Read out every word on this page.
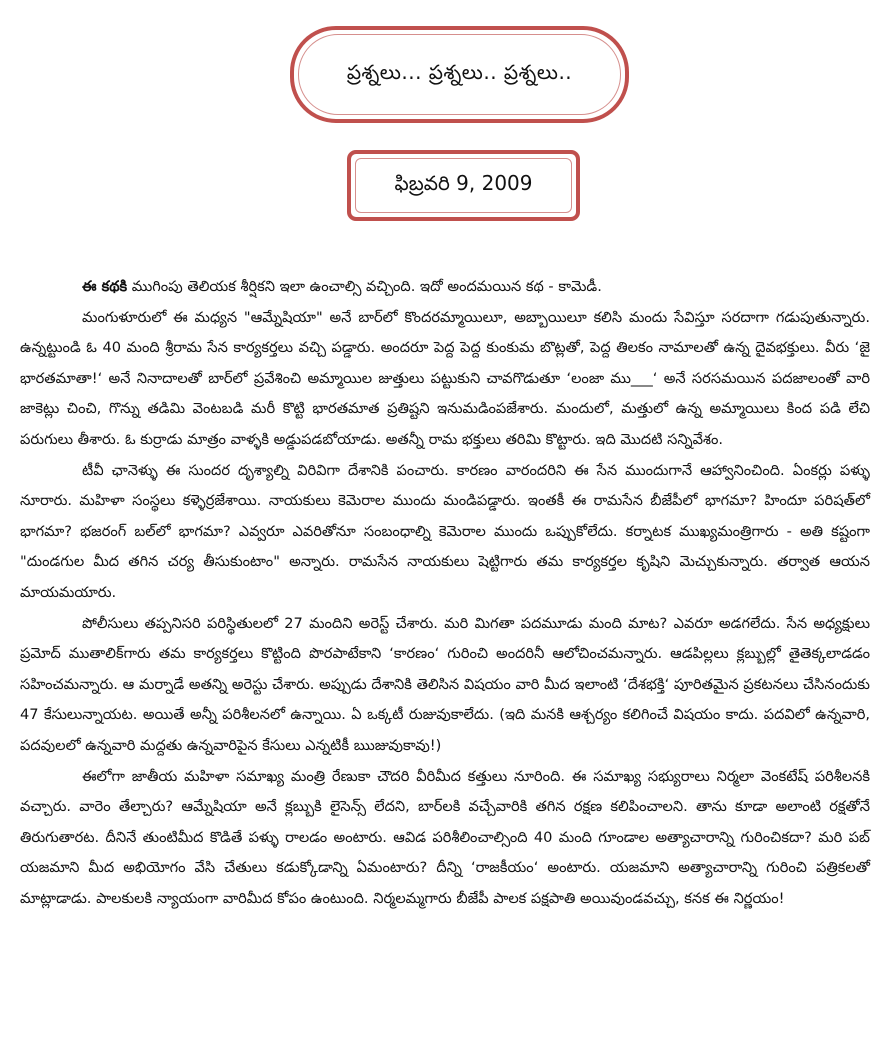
ప్రశ్నలు... ప్రశ్నలు.. ప్రశ్నలు..
ఫిబ్రవరి 9, 2009

ఈ కథకి ముగింపు తెలియక శీర్షికని ఇలా ఉంచాల్సి వచ్చింది. ఇదో అందమయిన కథ - కామెడీ.

మంగుళూరులో ఈ మధ్యన "ఆమ్నేషియా" అనే బార్‌లో కొందరమ్మాయిలూ, అబ్బాయిలూ కలిసి మందు సేవిస్తూ సరదాగా గడుపుతున్నారు. ఉన్నట్టుండి ఓ 40 మంది శ్రీరామ సేన కార్యకర్తలు వచ్చి పడ్డారు. అందరూ పెద్ద పెద్ద కుంకుమ బొట్లతో, పెద్ద తిలకం నామాలతో ఉన్న దైవభక్తులు. వీరు ‘జై భారతమాతా!‘ అనే నినాదాలతో బార్‌లో ప్రవేశించి అమ్మాయిల జుత్తులు పట్టుకుని చావగొడుతూ ‘లంజా ము___‘ అనే సరసమయిన పదజాలంతో వారి జాకెట్లు చించి, గొన్ను తడిమి వెంటబడి మరీ కొట్టి భారతమాత ప్రతిష్టని ఇనుమడింపజేశారు. మందులో, మత్తులో ఉన్న అమ్మాయిలు కింద పడి లేచి పరుగులు తీశారు. ఓ కుర్రాడు మాత్రం వాళ్ళకి అడ్డుపడబోయాడు. అతన్నీ రామ భక్తులు తరిమి కొట్టారు. ఇది మొదటి సన్నివేశం.

టీవీ ఛానెళ్ళు ఈ సుందర దృశ్యాల్ని విరివిగా దేశానికి పంచారు. కారణం వారందరిని ఈ సేన ముందుగానే ఆహ్వానించింది. ఏంకర్లు పళ్ళు నూరారు. మహిళా సంస్థలు కళ్ళెర్రజేశాయి. నాయకులు కెమెరాల ముందు మండిపడ్డారు. ఇంతకీ ఈ రామసేన బీజేపీలో భాగమా? హిందూ పరిషత్‌లో భాగమా? భజరంగ్ బల్‌లో భాగమా? ఎవ్వరూ ఎవరితోనూ సంబంధాల్ని కెమెరాల ముందు ఒప్పుకోలేదు. కర్నాటక ముఖ్యమంత్రిగారు - అతి కష్టంగా "దుండగుల మీద తగిన చర్య తీసుకుంటాం" అన్నారు. రామసేన నాయకులు షెట్టిగారు తమ కార్యకర్తల కృషిని మెచ్చుకున్నారు. తర్వాత ఆయన మాయమయారు.

పోలీసులు తప్పనిసరి పరిస్థితులలో 27 మందిని అరెస్ట్ చేశారు. మరి మిగతా పదమూడు మంది మాట? ఎవరూ అడగలేదు. సేన అధ్యక్షులు ప్రమోద్ ముతాలిక్‌గారు తమ కార్యకర్తలు కొట్టింది పొరపాటేకాని ‘కారణం‘ గురించి అందరినీ ఆలోచించమన్నారు. ఆడపిల్లలు క్లబ్బుల్లో తైతెక్కలాడడం సహించమన్నారు. ఆ మర్నాడే అతన్ని అరెస్టు చేశారు. అప్పుడు దేశానికి తెలిసిన విషయం వారి మీద ఇలాంటి ‘దేశభక్తి‘ పూరితమైన ప్రకటనలు చేసినందుకు 47 కేసులున్నాయట. అయితే అన్నీ పరిశీలనలో ఉన్నాయి. ఏ ఒక్కటీ రుజువుకాలేదు. (ఇది మనకి ఆశ్చర్యం కలిగించే విషయం కాదు. పదవిలో ఉన్నవారి, పదవులలో ఉన్నవారి మద్దతు ఉన్నవారిపైన కేసులు ఎన్నటికీ ఋజువుకావు!)

ఈలోగా జాతీయ మహిళా సమాఖ్య మంత్రి రేణుకా చౌదరి వీరిమీద కత్తులు నూరింది. ఈ సమాఖ్య సభ్యురాలు నిర్మలా వెంకటేష్ పరిశీలనకి వచ్చారు. వారెం తేల్చారు? ఆమ్నేషియా అనే క్లబ్బుకి లైసెన్స్ లేదని, బార్‌లకి వచ్చేవారికి తగిన రక్షణ కలిపించాలని. తాను కూడా అలాంటి రక్షతోనే తిరుగుతారట. దీనినే తుంటిమీద కొడితే పళ్ళు రాలడం అంటారు. ఆవిడ పరిశీలించాల్సింది 40 మంది గూండాల అత్యాచారాన్ని గురించికదా? మరి పబ్ యజమాని మీద అభియోగం వేసి చేతులు కడుక్కోడాన్ని ఏమంటారు? దీన్ని ‘రాజకీయం‘ అంటారు. యజమాని అత్యాచారాన్ని గురించి పత్రికలతో మాట్లాడాడు. పాలకులకి న్యాయంగా వారిమీద కోపం ఉంటుంది. నిర్మలమ్మగారు బీజేపీ పాలక పక్షపాతి అయివుండవచ్చు, కనక ఈ నిర్ణయం!
